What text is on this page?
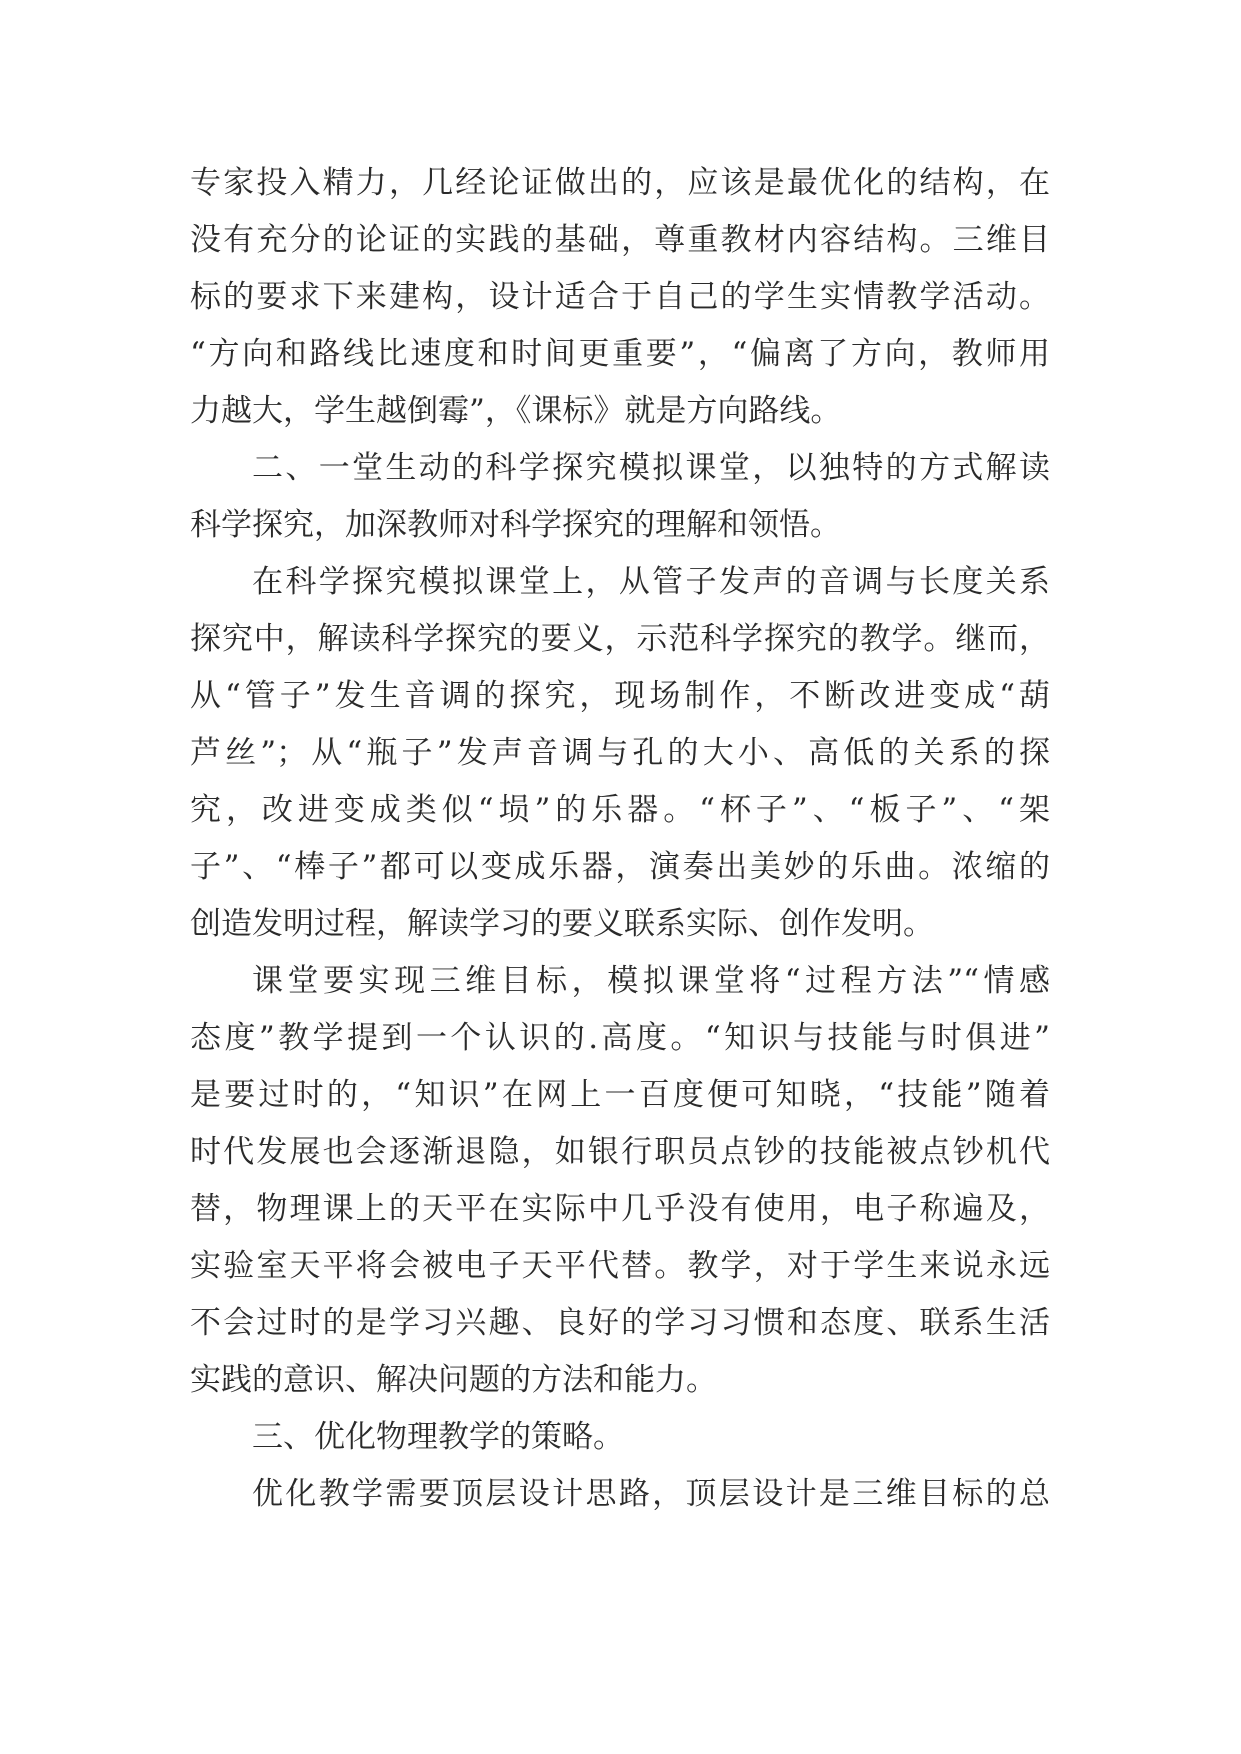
专家投入精力，几经论证做出的，应该是最优化的结构，在
没有充分的论证的实践的基础，尊重教材内容结构。三维目
标的要求下来建构，设计适合于自己的学生实情教学活动。
“方向和路线比速度和时间更重要”，“偏离了方向，教师用
力越大，学生越倒霉”，《课标》就是方向路线。
二、一堂生动的科学探究模拟课堂，以独特的方式解读
科学探究，加深教师对科学探究的理解和领悟。
在科学探究模拟课堂上，从管子发声的音调与长度关系
探究中，解读科学探究的要义，示范科学探究的教学。继而，
从“管子”发生音调的探究，现场制作，不断改进变成“葫
芦丝”；从“瓶子”发声音调与孔的大小、高低的关系的探
究，改进变成类似“埙”的乐器。“杯子”、“板子”、“架
子”、“棒子”都可以变成乐器，演奏出美妙的乐曲。浓缩的
创造发明过程，解读学习的要义联系实际、创作发明。
课堂要实现三维目标，模拟课堂将“过程方法”“情感
态度”教学提到一个认识的.高度。“知识与技能与时俱进”
是要过时的，“知识”在网上一百度便可知晓，“技能”随着
时代发展也会逐渐退隐，如银行职员点钞的技能被点钞机代
替，物理课上的天平在实际中几乎没有使用，电子称遍及，
实验室天平将会被电子天平代替。教学，对于学生来说永远
不会过时的是学习兴趣、良好的学习习惯和态度、联系生活
实践的意识、解决问题的方法和能力。
三、优化物理教学的策略。
优化教学需要顶层设计思路，顶层设计是三维目标的总
